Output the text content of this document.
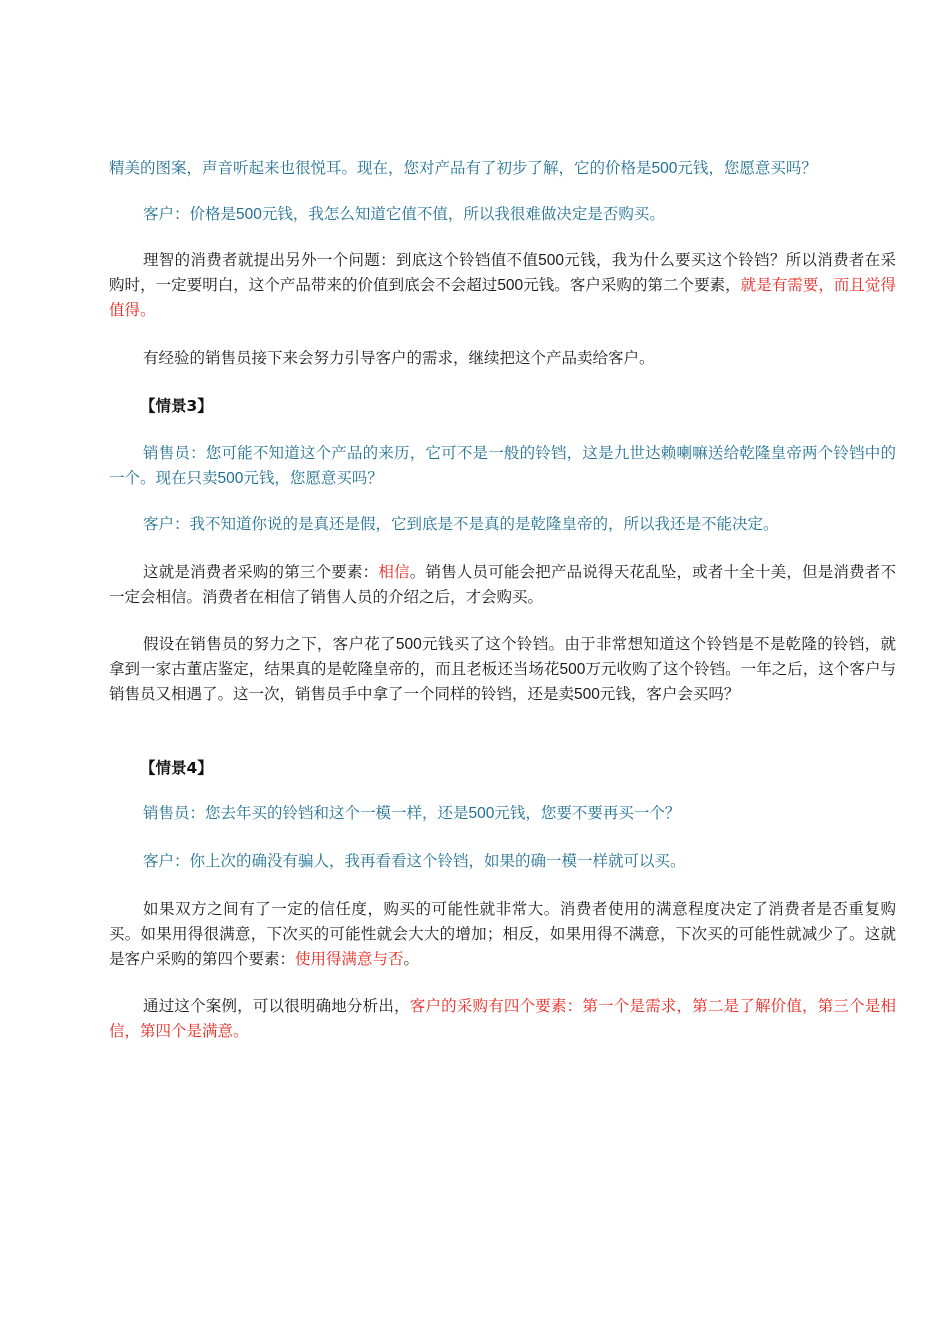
精美的图案，声音听起来也很悦耳。现在，您对产品有了初步了解，它的价格是500元钱，您愿意买吗？

客户：价格是500元钱，我怎么知道它值不值，所以我很难做决定是否购买。

理智的消费者就提出另外一个问题：到底这个铃铛值不值500元钱，我为什么要买这个铃铛？所以消费者在采购时，一定要明白，这个产品带来的价值到底会不会超过500元钱。客户采购的第二个要素，就是有需要，而且觉得值得。

有经验的销售员接下来会努力引导客户的需求，继续把这个产品卖给客户。

【情景3】

销售员：您可能不知道这个产品的来历，它可不是一般的铃铛，这是九世达赖喇嘛送给乾隆皇帝两个铃铛中的一个。现在只卖500元钱，您愿意买吗？

客户：我不知道你说的是真还是假，它到底是不是真的是乾隆皇帝的，所以我还是不能决定。

这就是消费者采购的第三个要素：相信。销售人员可能会把产品说得天花乱坠，或者十全十美，但是消费者不一定会相信。消费者在相信了销售人员的介绍之后，才会购买。

假设在销售员的努力之下，客户花了500元钱买了这个铃铛。由于非常想知道这个铃铛是不是乾隆的铃铛，就拿到一家古董店鉴定，结果真的是乾隆皇帝的，而且老板还当场花500万元收购了这个铃铛。一年之后，这个客户与销售员又相遇了。这一次，销售员手中拿了一个同样的铃铛，还是卖500元钱，客户会买吗？

【情景4】

销售员：您去年买的铃铛和这个一模一样，还是500元钱，您要不要再买一个？

客户：你上次的确没有骗人，我再看看这个铃铛，如果的确一模一样就可以买。

如果双方之间有了一定的信任度，购买的可能性就非常大。消费者使用的满意程度决定了消费者是否重复购买。如果用得很满意，下次买的可能性就会大大的增加；相反，如果用得不满意，下次买的可能性就减少了。这就是客户采购的第四个要素：使用得满意与否。

通过这个案例，可以很明确地分析出，客户的采购有四个要素：第一个是需求，第二是了解价值，第三个是相信，第四个是满意。
